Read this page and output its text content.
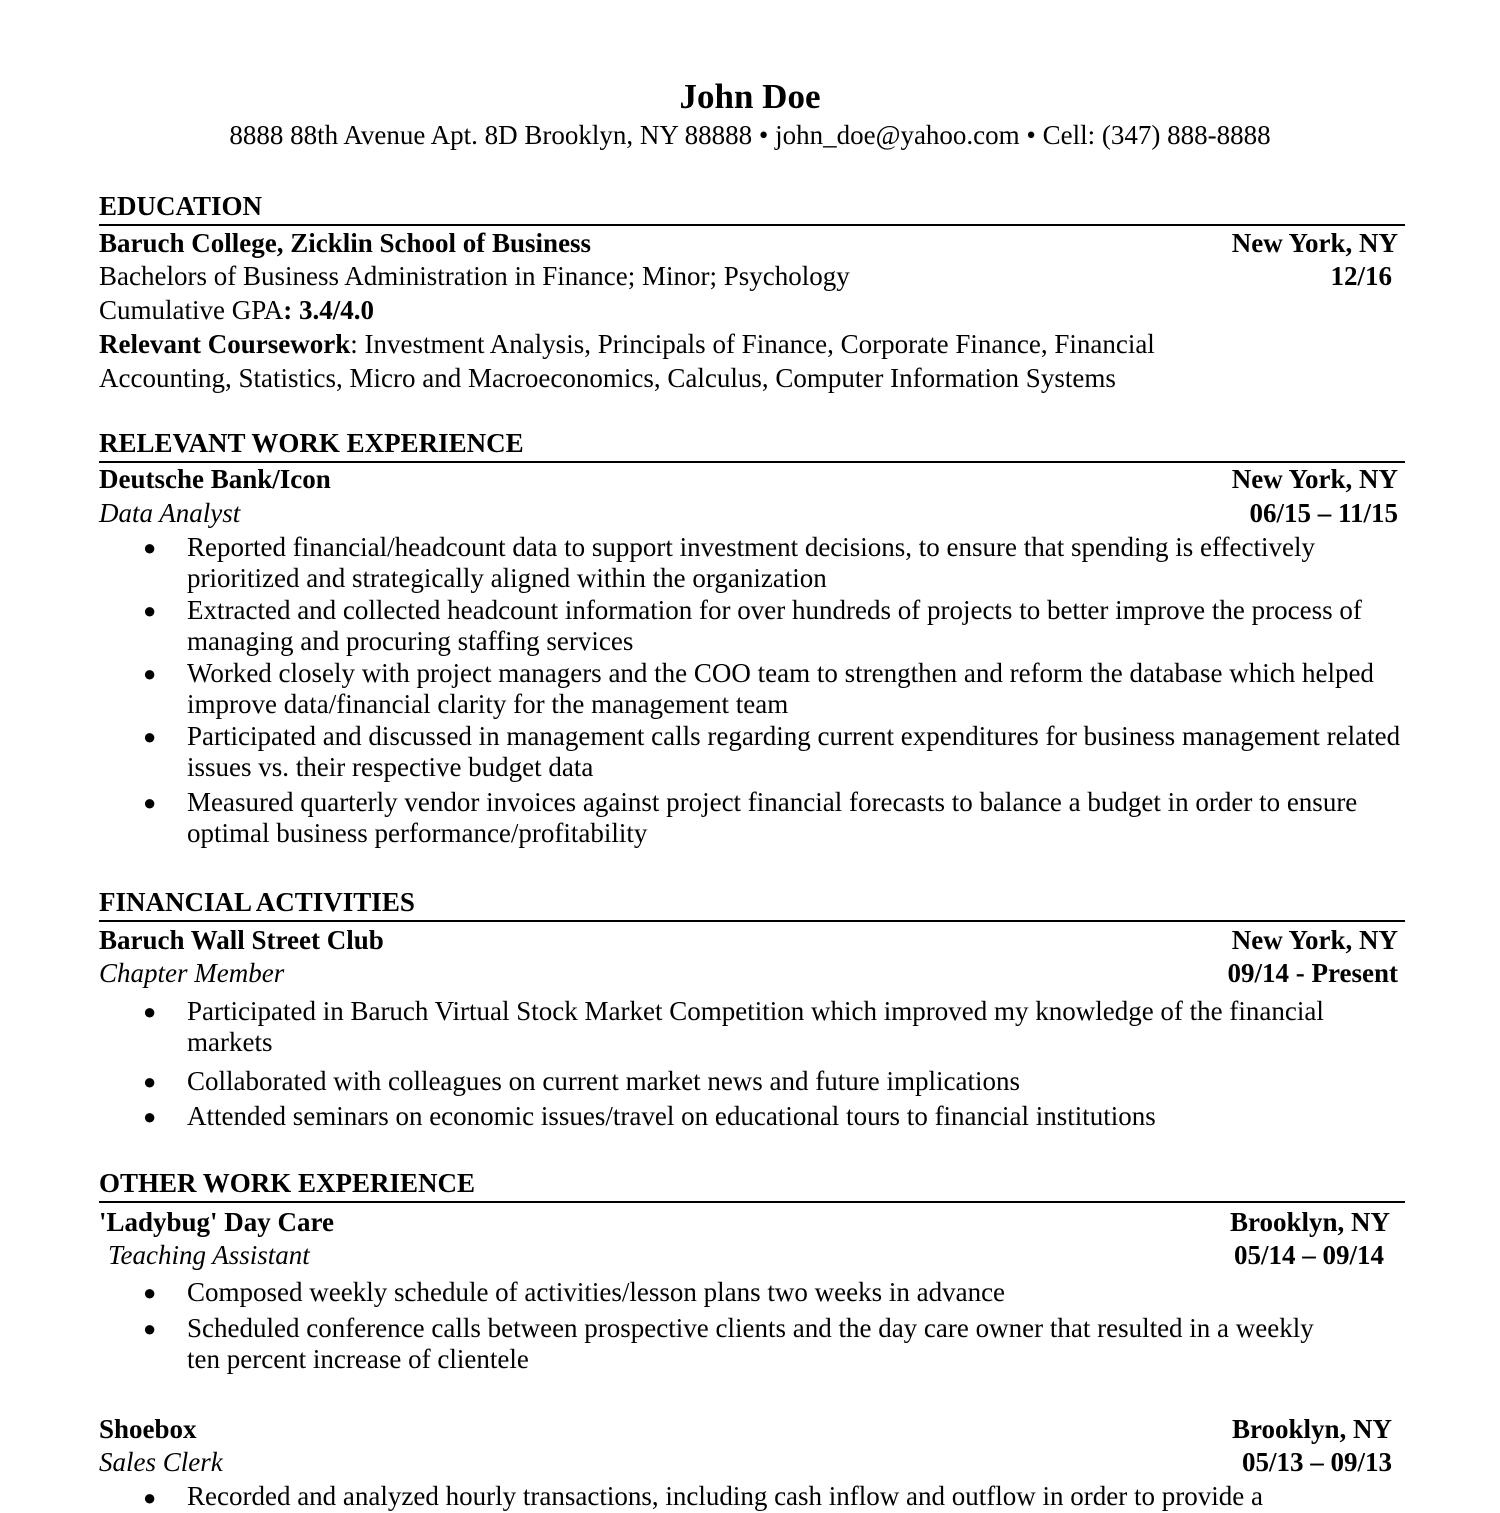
John Doe
8888 88th Avenue Apt. 8D Brooklyn, NY 88888 • john_doe@yahoo.com • Cell: (347) 888-8888
EDUCATION
Baruch College, Zicklin School of Business	New York, NY
Bachelors of Business Administration in Finance; Minor; Psychology	12/16
Cumulative GPA: 3.4/4.0
Relevant Coursework: Investment Analysis, Principals of Finance, Corporate Finance, Financial
Accounting, Statistics, Micro and Macroeconomics, Calculus, Computer Information Systems
RELEVANT WORK EXPERIENCE
Deutsche Bank/Icon	New York, NY
Data Analyst	06/15 – 11/15
● Reported financial/headcount data to support investment decisions, to ensure that spending is effectively prioritized and strategically aligned within the organization
● Extracted and collected headcount information for over hundreds of projects to better improve the process of managing and procuring staffing services
● Worked closely with project managers and the COO team to strengthen and reform the database which helped improve data/financial clarity for the management team
● Participated and discussed in management calls regarding current expenditures for business management related issues vs. their respective budget data
● Measured quarterly vendor invoices against project financial forecasts to balance a budget in order to ensure optimal business performance/profitability
FINANCIAL ACTIVITIES
Baruch Wall Street Club	New York, NY
Chapter Member	09/14 - Present
● Participated in Baruch Virtual Stock Market Competition which improved my knowledge of the financial markets
● Collaborated with colleagues on current market news and future implications
● Attended seminars on economic issues/travel on educational tours to financial institutions
OTHER WORK EXPERIENCE
'Ladybug' Day Care	Brooklyn, NY
Teaching Assistant	05/14 – 09/14
● Composed weekly schedule of activities/lesson plans two weeks in advance
● Scheduled conference calls between prospective clients and the day care owner that resulted in a weekly ten percent increase of clientele
Shoebox	Brooklyn, NY
Sales Clerk	05/13 – 09/13
● Recorded and analyzed hourly transactions, including cash inflow and outflow in order to provide a
